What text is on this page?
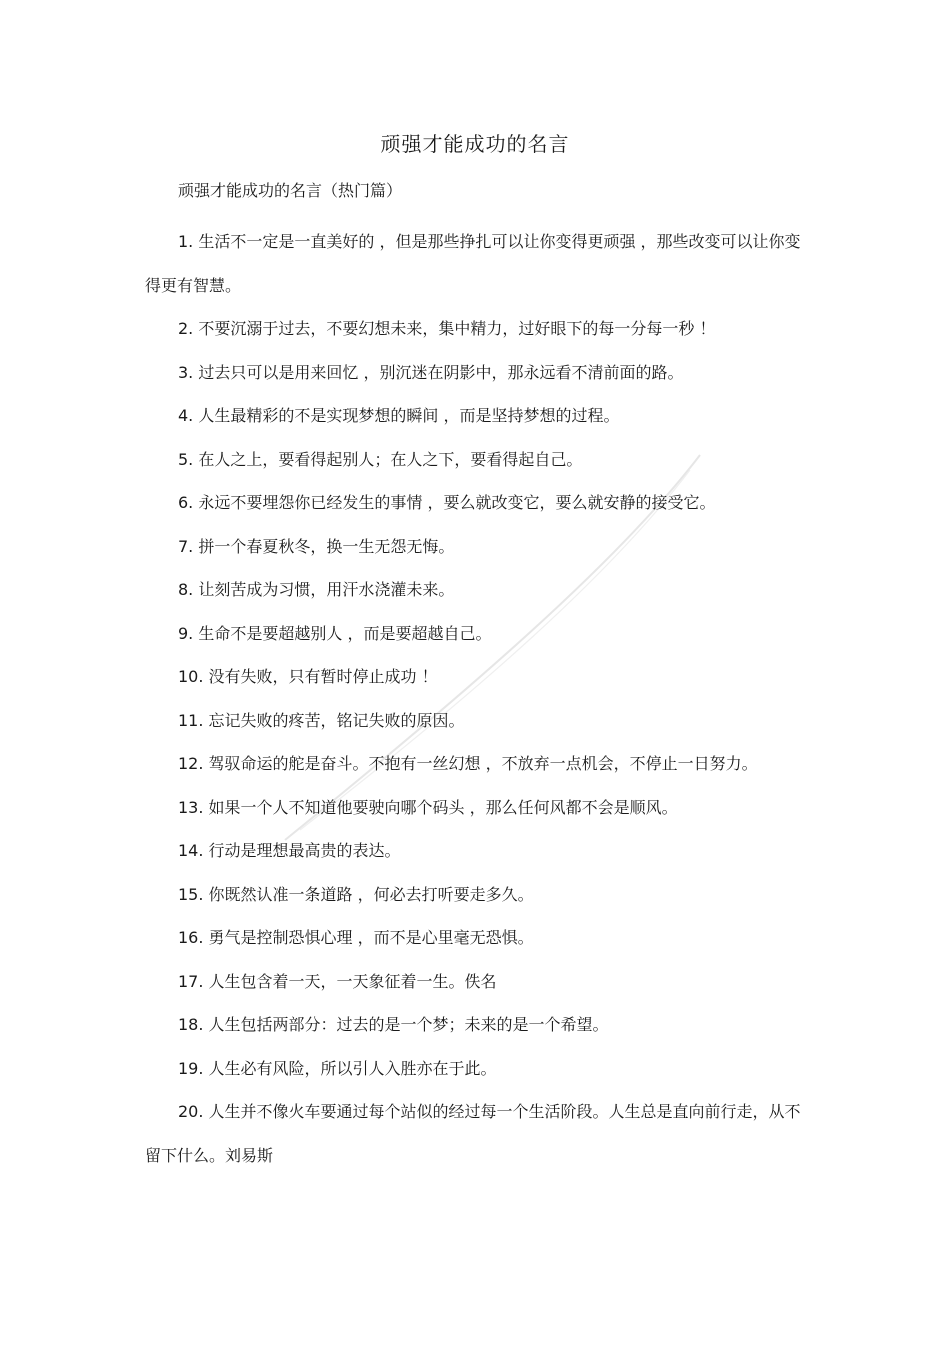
顽强才能成功的名言
顽强才能成功的名言（热门篇）

1. 生活不一定是一直美好的 ，但是那些挣扎可以让你变得更顽强 ，那些改变可以让你变得更有智慧。

2. 不要沉溺于过去，不要幻想未来，集中精力，过好眼下的每一分每一秒 ！

3. 过去只可以是用来回忆 ，别沉迷在阴影中，那永远看不清前面的路。

4. 人生最精彩的不是实现梦想的瞬间 ，而是坚持梦想的过程。

5. 在人之上，要看得起别人；在人之下，要看得起自己。

6. 永远不要埋怨你已经发生的事情 ，要么就改变它，要么就安静的接受它。

7. 拼一个春夏秋冬，换一生无怨无悔。

8. 让刻苦成为习惯，用汗水浇灌未来。

9. 生命不是要超越别人 ，而是要超越自己。

10. 没有失败，只有暂时停止成功 ！

11. 忘记失败的疼苦，铭记失败的原因。

12. 驾驭命运的舵是奋斗。不抱有一丝幻想 ，不放弃一点机会，不停止一日努力。

13. 如果一个人不知道他要驶向哪个码头 ，那么任何风都不会是顺风。

14. 行动是理想最高贵的表达。

15. 你既然认准一条道路 ，何必去打听要走多久。

16. 勇气是控制恐惧心理 ，而不是心里毫无恐惧。

17. 人生包含着一天，一天象征着一生。佚名

18. 人生包括两部分：过去的是一个梦；未来的是一个希望。

19. 人生必有风险，所以引人入胜亦在于此。

20. 人生并不像火车要通过每个站似的经过每一个生活阶段。人生总是直向前行走，从不留下什么。刘易斯
